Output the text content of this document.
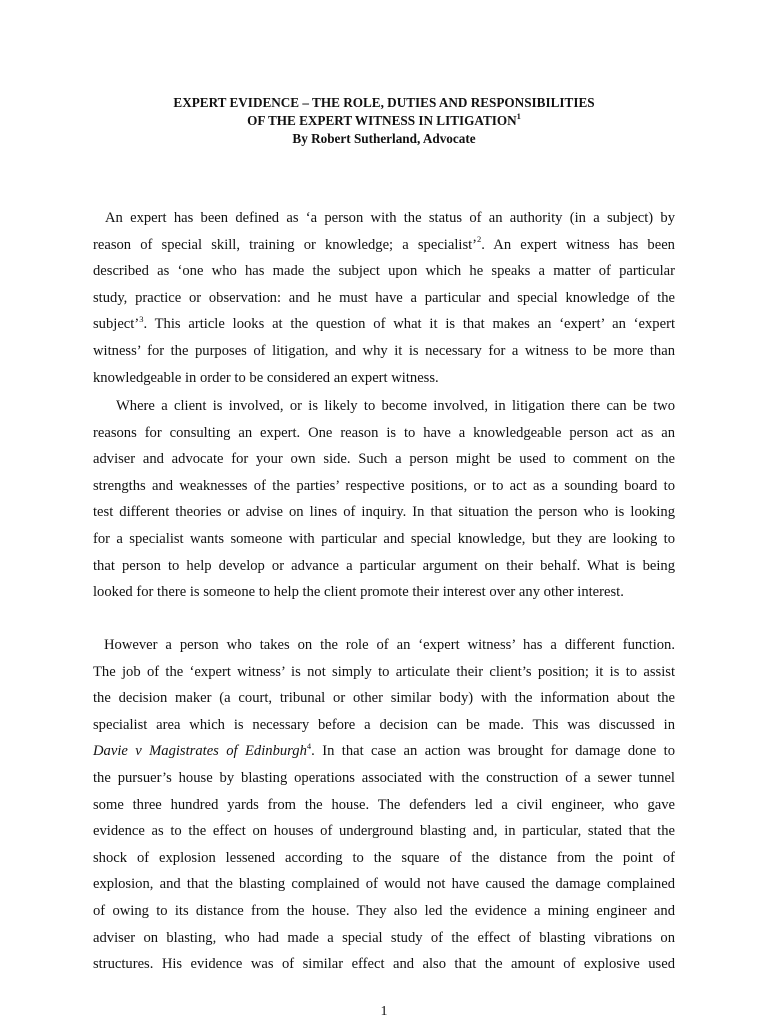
EXPERT EVIDENCE – THE ROLE, DUTIES AND RESPONSIBILITIES
OF THE EXPERT WITNESS IN LITIGATION$^1$
By Robert Sutherland, Advocate
An expert has been defined as ‘a person with the status of an authority (in a subject) by
reason of special skill, training or knowledge; a specialist’$^2$. An expert witness has been
described as ‘one who has made the subject upon which he speaks a matter of particular
study, practice or observation: and he must have a particular and special knowledge of the
subject’$^3$. This article looks at the question of what it is that makes an ‘expert’ an ‘expert
witness’ for the purposes of litigation, and why it is necessary for a witness to be more than
knowledgeable in order to be considered an expert witness.
Where a client is involved, or is likely to become involved, in litigation there can be two
reasons for consulting an expert. One reason is to have a knowledgeable person act as an
adviser and advocate for your own side. Such a person might be used to comment on the
strengths and weaknesses of the parties’ respective positions, or to act as a sounding board to
test different theories or advise on lines of inquiry. In that situation the person who is looking
for a specialist wants someone with particular and special knowledge, but they are looking to
that person to help develop or advance a particular argument on their behalf. What is being
looked for there is someone to help the client promote their interest over any other interest.
However a person who takes on the role of an ‘expert witness’ has a different function.
The job of the ‘expert witness’ is not simply to articulate their client’s position; it is to assist
the decision maker (a court, tribunal or other similar body) with the information about the
specialist area which is necessary before a decision can be made. This was discussed in
Davie v Magistrates of Edinburgh$^4$. In that case an action was brought for damage done to
the pursuer’s house by blasting operations associated with the construction of a sewer tunnel
some three hundred yards from the house. The defenders led a civil engineer, who gave
evidence as to the effect on houses of underground blasting and, in particular, stated that the
shock of explosion lessened according to the square of the distance from the point of
explosion, and that the blasting complained of would not have caused the damage complained
of owing to its distance from the house. They also led the evidence a mining engineer and
adviser on blasting, who had made a special study of the effect of blasting vibrations on
structures. His evidence was of similar effect and also that the amount of explosive used
1
